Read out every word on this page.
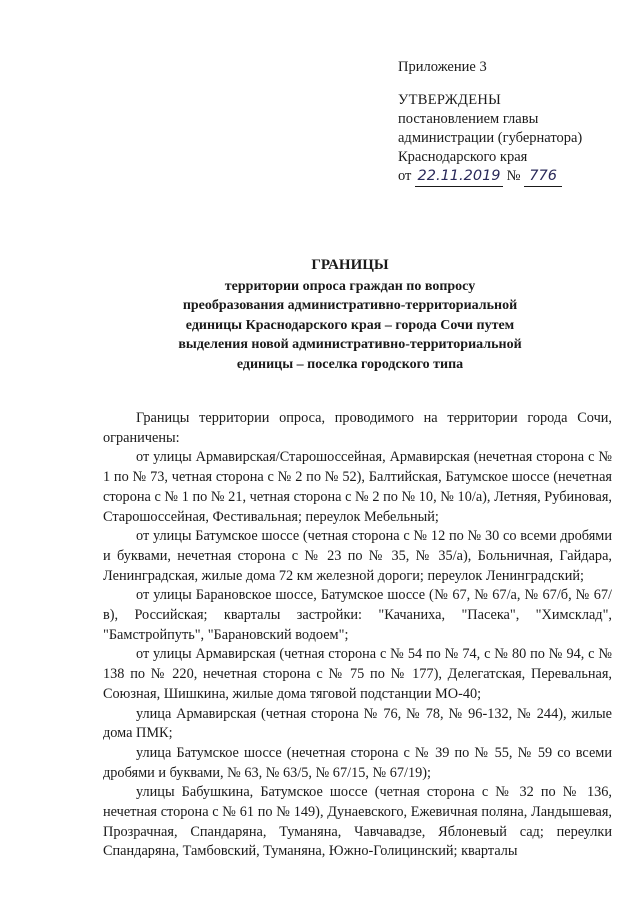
Приложение 3
УТВЕРЖДЕНЫ
постановлением главы
администрации (губернатора)
Краснодарского края
от 22.11.2019 № 776
ГРАНИЦЫ
территории опроса граждан по вопросу
преобразования административно-территориальной
единицы Краснодарского края – города Сочи путем
выделения новой административно-территориальной
единицы – поселка городского типа

Границы территории опроса, проводимого на территории города Сочи, ограничены:

от улицы Армавирская/Старошоссейная, Армавирская (нечетная сторона с № 1 по № 73, четная сторона с № 2 по № 52), Балтийская, Батумское шоссе (нечетная сторона с № 1 по № 21, четная сторона с № 2 по № 10, № 10/а), Летняя, Рубиновая, Старошоссейная, Фестивальная; переулок Мебельный;

от улицы Батумское шоссе (четная сторона с № 12 по № 30 со всеми дробями и буквами, нечетная сторона с № 23 по № 35, № 35/а), Больничная, Гайдара, Ленинградская, жилые дома 72 км железной дороги; переулок Ленинградский;

от улицы Барановское шоссе, Батумское шоссе (№ 67, № 67/а, № 67/б, № 67/в), Российская; кварталы застройки: "Качаниха, "Пасека", "Химсклад", "Бамстройпуть", "Барановский водоем";

от улицы Армавирская (четная сторона с № 54 по № 74, с № 80 по № 94, с № 138 по № 220, нечетная сторона с № 75 по № 177), Делегатская, Перевальная, Союзная, Шишкина, жилые дома тяговой подстанции МО-40;

улица Армавирская (четная сторона № 76, № 78, № 96-132, № 244), жилые дома ПМК;

улица Батумское шоссе (нечетная сторона с № 39 по № 55, № 59 со всеми дробями и буквами, № 63, № 63/5, № 67/15, № 67/19);

улицы Бабушкина, Батумское шоссе (четная сторона с № 32 по № 136, нечетная сторона с № 61 по № 149), Дунаевского, Ежевичная поляна, Ландышевая, Прозрачная, Спандаряна, Туманяна, Чавчавадзе, Яблоневый сад; переулки Спандаряна, Тамбовский, Туманяна, Южно-Голицинский; кварталы
